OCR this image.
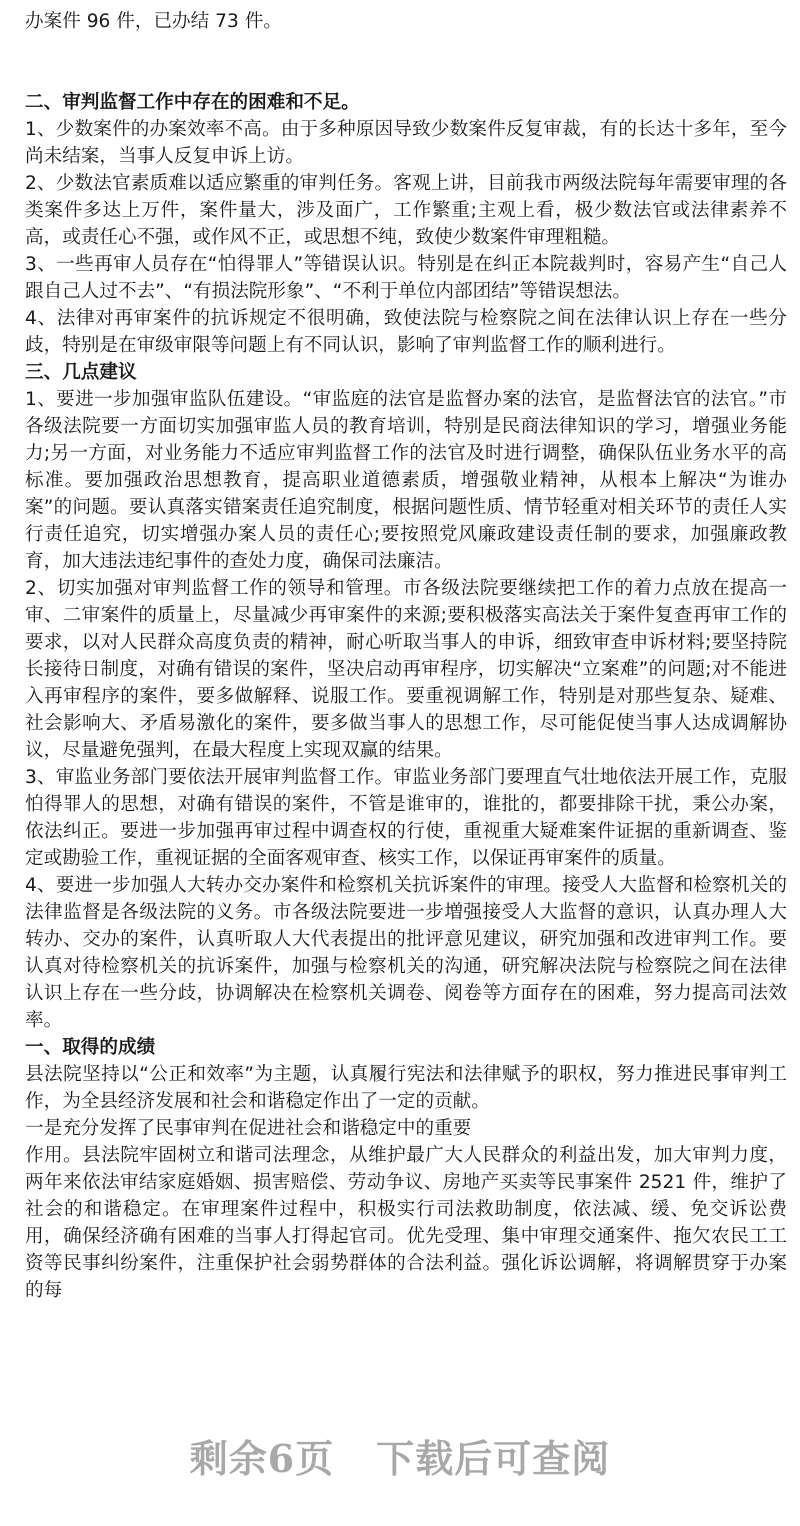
办案件 96 件，已办结 73 件。

二、审判监督工作中存在的困难和不足。

1、少数案件的办案效率不高。由于多种原因导致少数案件反复审裁，有的长达十多年，至今尚未结案，当事人反复申诉上访。

2、少数法官素质难以适应繁重的审判任务。客观上讲，目前我市两级法院每年需要审理的各类案件多达上万件，案件量大，涉及面广，工作繁重;主观上看，极少数法官或法律素养不高，或责任心不强，或作风不正，或思想不纯，致使少数案件审理粗糙。

3、一些再审人员存在“怕得罪人”等错误认识。特别是在纠正本院裁判时，容易产生“自己人跟自己人过不去”、“有损法院形象”、“不利于单位内部团结”等错误想法。

4、法律对再审案件的抗诉规定不很明确，致使法院与检察院之间在法律认识上存在一些分歧，特别是在审级审限等问题上有不同认识，影响了审判监督工作的顺利进行。

三、几点建议

1、要进一步加强审监队伍建设。“审监庭的法官是监督办案的法官，是监督法官的法官。”市各级法院要一方面切实加强审监人员的教育培训，特别是民商法律知识的学习，增强业务能力;另一方面，对业务能力不适应审判监督工作的法官及时进行调整，确保队伍业务水平的高标准。要加强政治思想教育，提高职业道德素质，增强敬业精神，从根本上解决“为谁办案”的问题。要认真落实错案责任追究制度，根据问题性质、情节轻重对相关环节的责任人实行责任追究，切实增强办案人员的责任心;要按照党风廉政建设责任制的要求，加强廉政教育，加大违法违纪事件的查处力度，确保司法廉洁。

2、切实加强对审判监督工作的领导和管理。市各级法院要继续把工作的着力点放在提高一审、二审案件的质量上，尽量减少再审案件的来源;要积极落实高法关于案件复查再审工作的要求，以对人民群众高度负责的精神，耐心听取当事人的申诉，细致审查申诉材料;要坚持院长接待日制度，对确有错误的案件，坚决启动再审程序，切实解决“立案难”的问题;对不能进入再审程序的案件，要多做解释、说服工作。要重视调解工作，特别是对那些复杂、疑难、社会影响大、矛盾易激化的案件，要多做当事人的思想工作，尽可能促使当事人达成调解协议，尽量避免强判，在最大程度上实现双赢的结果。

3、审监业务部门要依法开展审判监督工作。审监业务部门要理直气壮地依法开展工作，克服怕得罪人的思想，对确有错误的案件，不管是谁审的，谁批的，都要排除干扰，秉公办案，依法纠正。要进一步加强再审过程中调查权的行使，重视重大疑难案件证据的重新调查、鉴定或勘验工作，重视证据的全面客观审查、核实工作，以保证再审案件的质量。

4、要进一步加强人大转办交办案件和检察机关抗诉案件的审理。接受人大监督和检察机关的法律监督是各级法院的义务。市各级法院要进一步増强接受人大监督的意识，认真办理人大转办、交办的案件，认真听取人大代表提出的批评意见建议，研究加强和改进审判工作。要认真对待检察机关的抗诉案件，加强与检察机关的沟通，研究解决法院与检察院之间在法律认识上存在一些分歧，协调解决在检察机关调卷、阅卷等方面存在的困难，努力提高司法效率。

一、取得的成绩

县法院坚持以“公正和效率”为主题，认真履行宪法和法律赋予的职权，努力推进民事审判工作，为全县经济发展和社会和谐稳定作出了一定的贡献。

一是充分发挥了民事审判在促进社会和谐稳定中的重要

作用。县法院牢固树立和谐司法理念，从维护最广大人民群众的利益出发，加大审判力度，两年来依法审结家庭婚姻、损害赔偿、劳动争议、房地产买卖等民事案件 2521 件，维护了社会的和谐稳定。在审理案件过程中，积极实行司法救助制度，依法减、缓、免交诉讼费用，确保经济确有困难的当事人打得起官司。优先受理、集中审理交通案件、拖欠农民工工资等民事纠纷案件，注重保护社会弱势群体的合法利益。强化诉讼调解，将调解贯穿于办案的每

剩余6页 下载后可查阅
